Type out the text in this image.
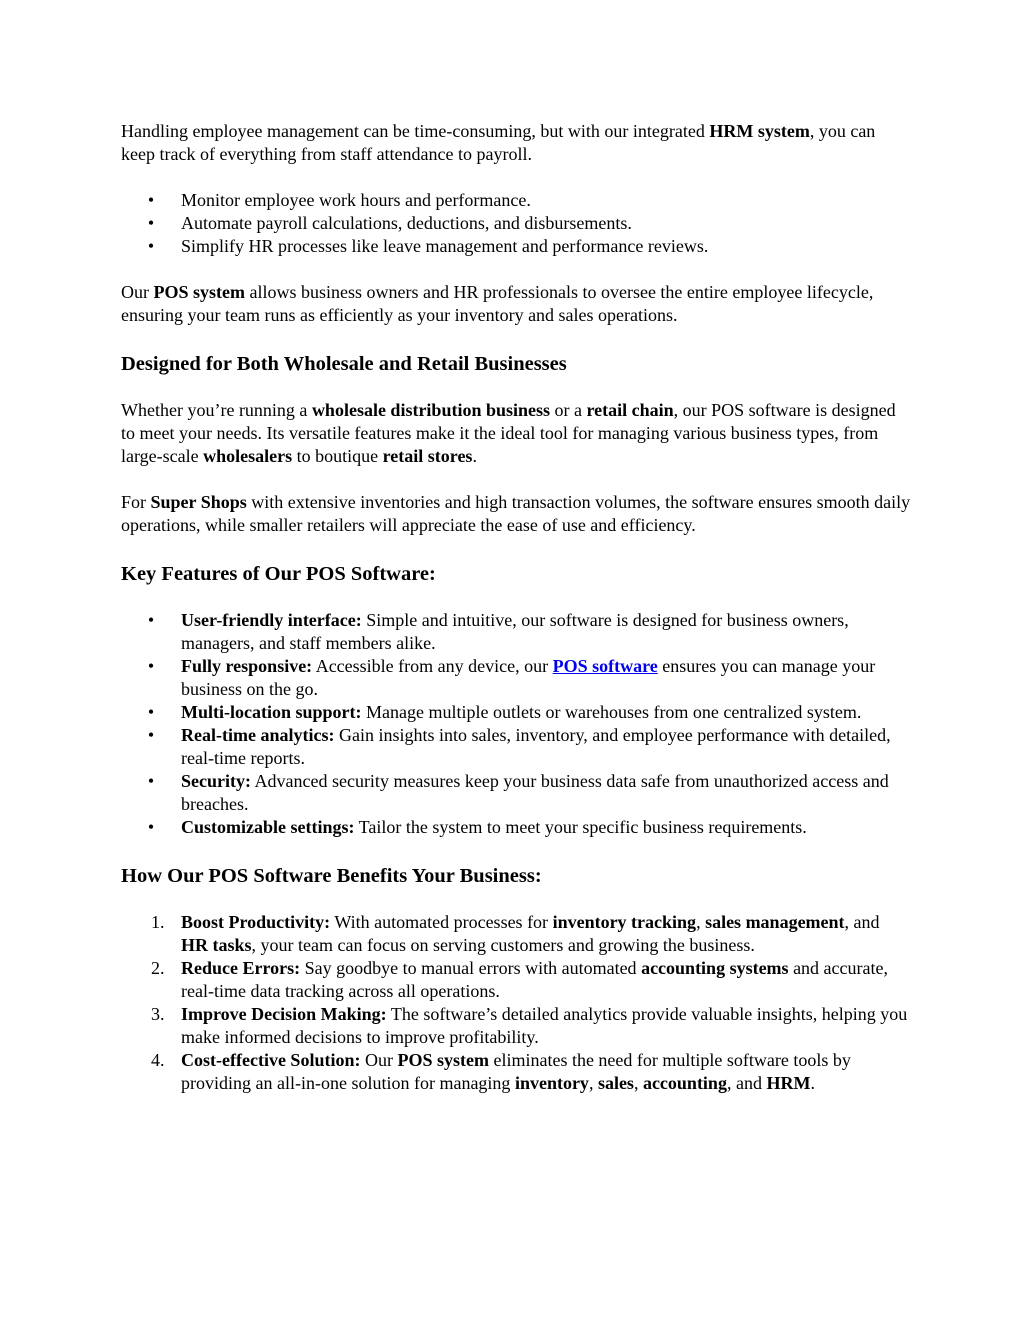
Handling employee management can be time-consuming, but with our integrated HRM system, you can keep track of everything from staff attendance to payroll.

• Monitor employee work hours and performance.
• Automate payroll calculations, deductions, and disbursements.
• Simplify HR processes like leave management and performance reviews.

Our POS system allows business owners and HR professionals to oversee the entire employee lifecycle, ensuring your team runs as efficiently as your inventory and sales operations.

Designed for Both Wholesale and Retail Businesses

Whether you’re running a wholesale distribution business or a retail chain, our POS software is designed to meet your needs. Its versatile features make it the ideal tool for managing various business types, from large-scale wholesalers to boutique retail stores.

For Super Shops with extensive inventories and high transaction volumes, the software ensures smooth daily operations, while smaller retailers will appreciate the ease of use and efficiency.

Key Features of Our POS Software:
• User-friendly interface: Simple and intuitive, our software is designed for business owners, managers, and staff members alike.
• Fully responsive: Accessible from any device, our POS software ensures you can manage your business on the go.
• Multi-location support: Manage multiple outlets or warehouses from one centralized system.
• Real-time analytics: Gain insights into sales, inventory, and employee performance with detailed, real-time reports.
• Security: Advanced security measures keep your business data safe from unauthorized access and breaches.
• Customizable settings: Tailor the system to meet your specific business requirements.
How Our POS Software Benefits Your Business:
1. Boost Productivity: With automated processes for inventory tracking, sales management, and HR tasks, your team can focus on serving customers and growing the business.
2. Reduce Errors: Say goodbye to manual errors with automated accounting systems and accurate, real-time data tracking across all operations.
3. Improve Decision Making: The software’s detailed analytics provide valuable insights, helping you make informed decisions to improve profitability.
4. Cost-effective Solution: Our POS system eliminates the need for multiple software tools by providing an all-in-one solution for managing inventory, sales, accounting, and HRM.
